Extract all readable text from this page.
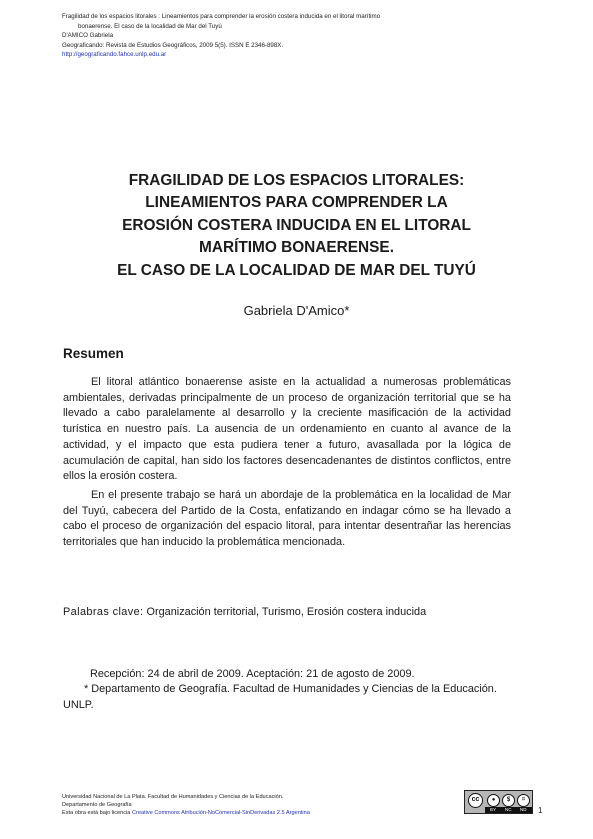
Fragilidad de los espacios litorales : Lineamientos para comprender la erosión costera inducida en el litoral marítimo
bonaerense. El caso de la localidad de Mar del Tuyú
D'AMICO Gabriela
Geograficando: Revista de Estudios Geográficos, 2009 5(5). ISSN E 2346-898X.
http://geograficando.fahce.unlp.edu.ar
FRAGILIDAD DE LOS ESPACIOS LITORALES:
LINEAMIENTOS PARA COMPRENDER LA
EROSIÓN COSTERA INDUCIDA EN EL LITORAL
MARÍTIMO BONAERENSE.
EL CASO DE LA LOCALIDAD DE MAR DEL TUYÚ
Gabriela D'Amico*
Resumen

El litoral atlántico bonaerense asiste en la actualidad a numerosas problemáticas ambientales, derivadas principalmente de un proceso de organización territorial que se ha llevado a cabo paralelamente al desarrollo y la creciente masificación de la actividad turística en nuestro país. La ausencia de un ordenamiento en cuanto al avance de la actividad, y el impacto que esta pudiera tener a futuro, avasallada por la lógica de acumulación de capital, han sido los factores desencadenantes de distintos conflictos, entre ellos la erosión costera.

En el presente trabajo se hará un abordaje de la problemática en la localidad de Mar del Tuyú, cabecera del Partido de la Costa, enfatizando en indagar cómo se ha llevado a cabo el proceso de organización del espacio litoral, para intentar desentrañar las herencias territoriales que han inducido la problemática mencionada.

Palabras clave: Organización territorial, Turismo, Erosión costera inducida
Recepción: 24 de abril de 2009. Aceptación: 21 de agosto de 2009.
* Departamento de Geografía. Facultad de Humanidades y Ciencias de la Educación. UNLP.
Universidad Nacional de La Plata. Facultad de Humanidades y Ciencias de la Educación.
Departamento de Geografía
Esta obra está bajo licencia Creative Commons Atribución-NoComercial-SinDerivadas 2.5 Argentina
cc	●	$	=
BY NC ND 1
